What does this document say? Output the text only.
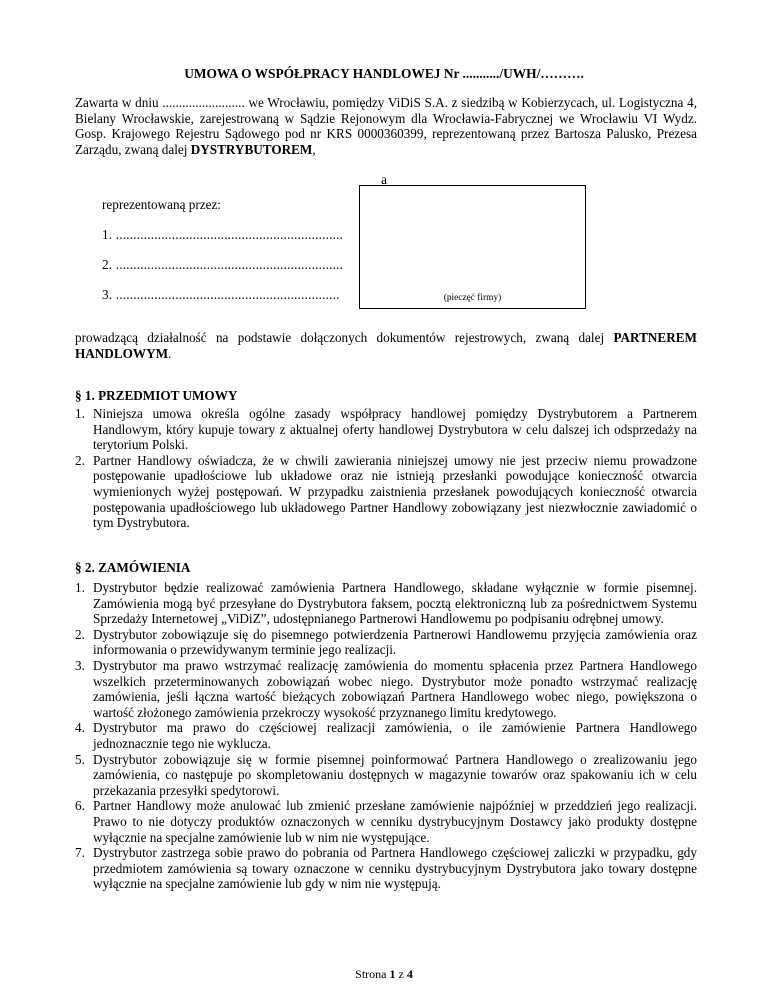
UMOWA O WSPÓŁPRACY HANDLOWEJ Nr .........../UWH/……….
Zawarta w dniu ......................... we Wrocławiu, pomiędzy ViDiS S.A. z siedzibą w Kobierzycach, ul. Logistyczna 4, Bielany Wrocławskie, zarejestrowaną w Sądzie Rejonowym dla Wrocławia-Fabrycznej we Wrocławiu VI Wydz. Gosp. Krajowego Rejestru Sądowego pod nr KRS 0000360399, reprezentowaną przez Bartosza Palusko, Prezesa Zarządu, zwaną dalej DYSTRYBUTOREM,
a
reprezentowaną przez:
1. .................................................................
2. .................................................................
3. ................................................................	(pieczęć firmy)
prowadzącą działalność na podstawie dołączonych dokumentów rejestrowych, zwaną dalej PARTNEREM HANDLOWYM.
§ 1. PRZEDMIOT UMOWY
1. Niniejsza umowa określa ogólne zasady współpracy handlowej pomiędzy Dystrybutorem a Partnerem Handlowym, który kupuje towary z aktualnej oferty handlowej Dystrybutora w celu dalszej ich odsprzedaży na terytorium Polski.
2. Partner Handlowy oświadcza, że w chwili zawierania niniejszej umowy nie jest przeciw niemu prowadzone postępowanie upadłościowe lub układowe oraz nie istnieją przesłanki powodujące konieczność otwarcia wymienionych wyżej postępowań. W przypadku zaistnienia przesłanek powodujących konieczność otwarcia postępowania upadłościowego lub układowego Partner Handlowy zobowiązany jest niezwłocznie zawiadomić o tym Dystrybutora.
§ 2. ZAMÓWIENIA
1. Dystrybutor będzie realizować zamówienia Partnera Handlowego, składane wyłącznie w formie pisemnej. Zamówienia mogą być przesyłane do Dystrybutora faksem, pocztą elektroniczną lub za pośrednictwem Systemu Sprzedaży Internetowej „ViDiZ”, udostępnianego Partnerowi Handlowemu po podpisaniu odrębnej umowy.
2. Dystrybutor zobowiązuje się do pisemnego potwierdzenia Partnerowi Handlowemu przyjęcia zamówienia oraz informowania o przewidywanym terminie jego realizacji.
3. Dystrybutor ma prawo wstrzymać realizację zamówienia do momentu spłacenia przez Partnera Handlowego wszelkich przeterminowanych zobowiązań wobec niego. Dystrybutor może ponadto wstrzymać realizację zamówienia, jeśli łączna wartość bieżących zobowiązań Partnera Handlowego wobec niego, powiększona o wartość złożonego zamówienia przekroczy wysokość przyznanego limitu kredytowego.
4. Dystrybutor ma prawo do częściowej realizacji zamówienia, o ile zamówienie Partnera Handlowego jednoznacznie tego nie wyklucza.
5. Dystrybutor zobowiązuje się w formie pisemnej poinformować Partnera Handlowego o zrealizowaniu jego zamówienia, co następuje po skompletowaniu dostępnych w magazynie towarów oraz spakowaniu ich w celu przekazania przesyłki spedytorowi.
6. Partner Handlowy może anulować lub zmienić przesłane zamówienie najpóźniej w przeddzień jego realizacji. Prawo to nie dotyczy produktów oznaczonych w cenniku dystrybucyjnym Dostawcy jako produkty dostępne wyłącznie na specjalne zamówienie lub w nim nie występujące.
7. Dystrybutor zastrzega sobie prawo do pobrania od Partnera Handlowego częściowej zaliczki w przypadku, gdy przedmiotem zamówienia są towary oznaczone w cenniku dystrybucyjnym Dystrybutora jako towary dostępne wyłącznie na specjalne zamówienie lub gdy w nim nie występują.
Strona 1 z 4
